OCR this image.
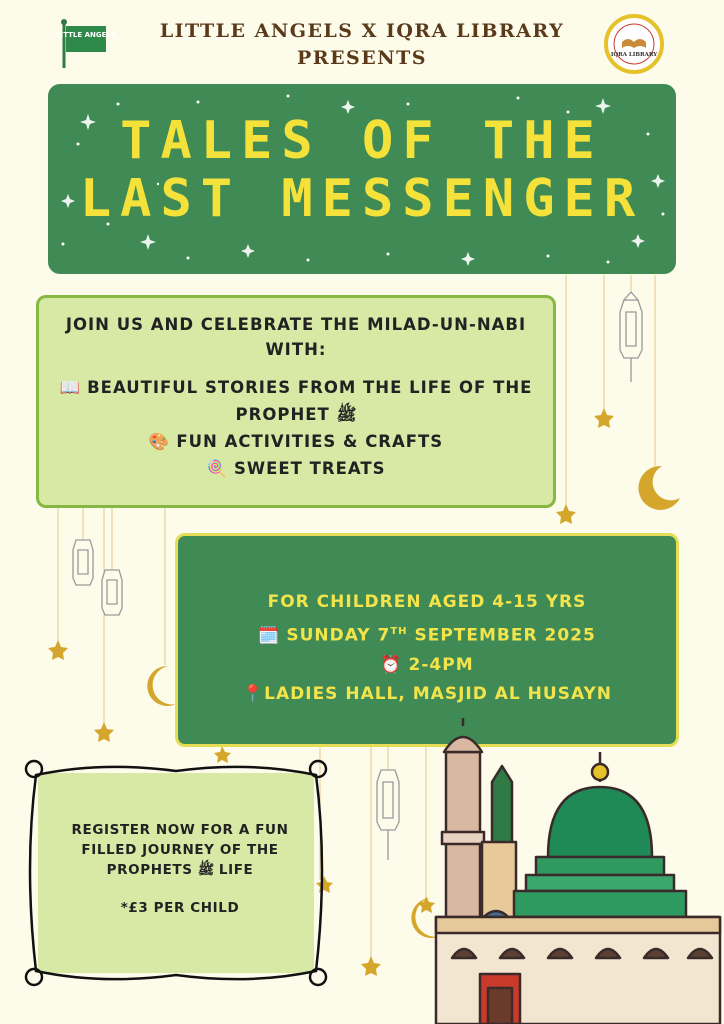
LITTLE ANGELS
IQRA LIBRARY
LITTLE ANGELS X IQRA LIBRARY
PRESENTS
TALES OF THE
LAST MESSENGER
JOIN US AND CELEBRATE THE MILAD-UN-NABI WITH:
📖 BEAUTIFUL STORIES FROM THE LIFE OF THE PROPHET ﷺ
🎨 FUN ACTIVITIES & CRAFTS
🍭 SWEET TREATS
FOR CHILDREN AGED 4-15 YRS
🗓️ SUNDAY 7TH SEPTEMBER 2025
⏰ 2-4PM
📍LADIES HALL, MASJID AL HUSAYN
REGISTER NOW FOR A FUN FILLED JOURNEY OF THE PROPHETS ﷺ LIFE
*£3 PER CHILD
